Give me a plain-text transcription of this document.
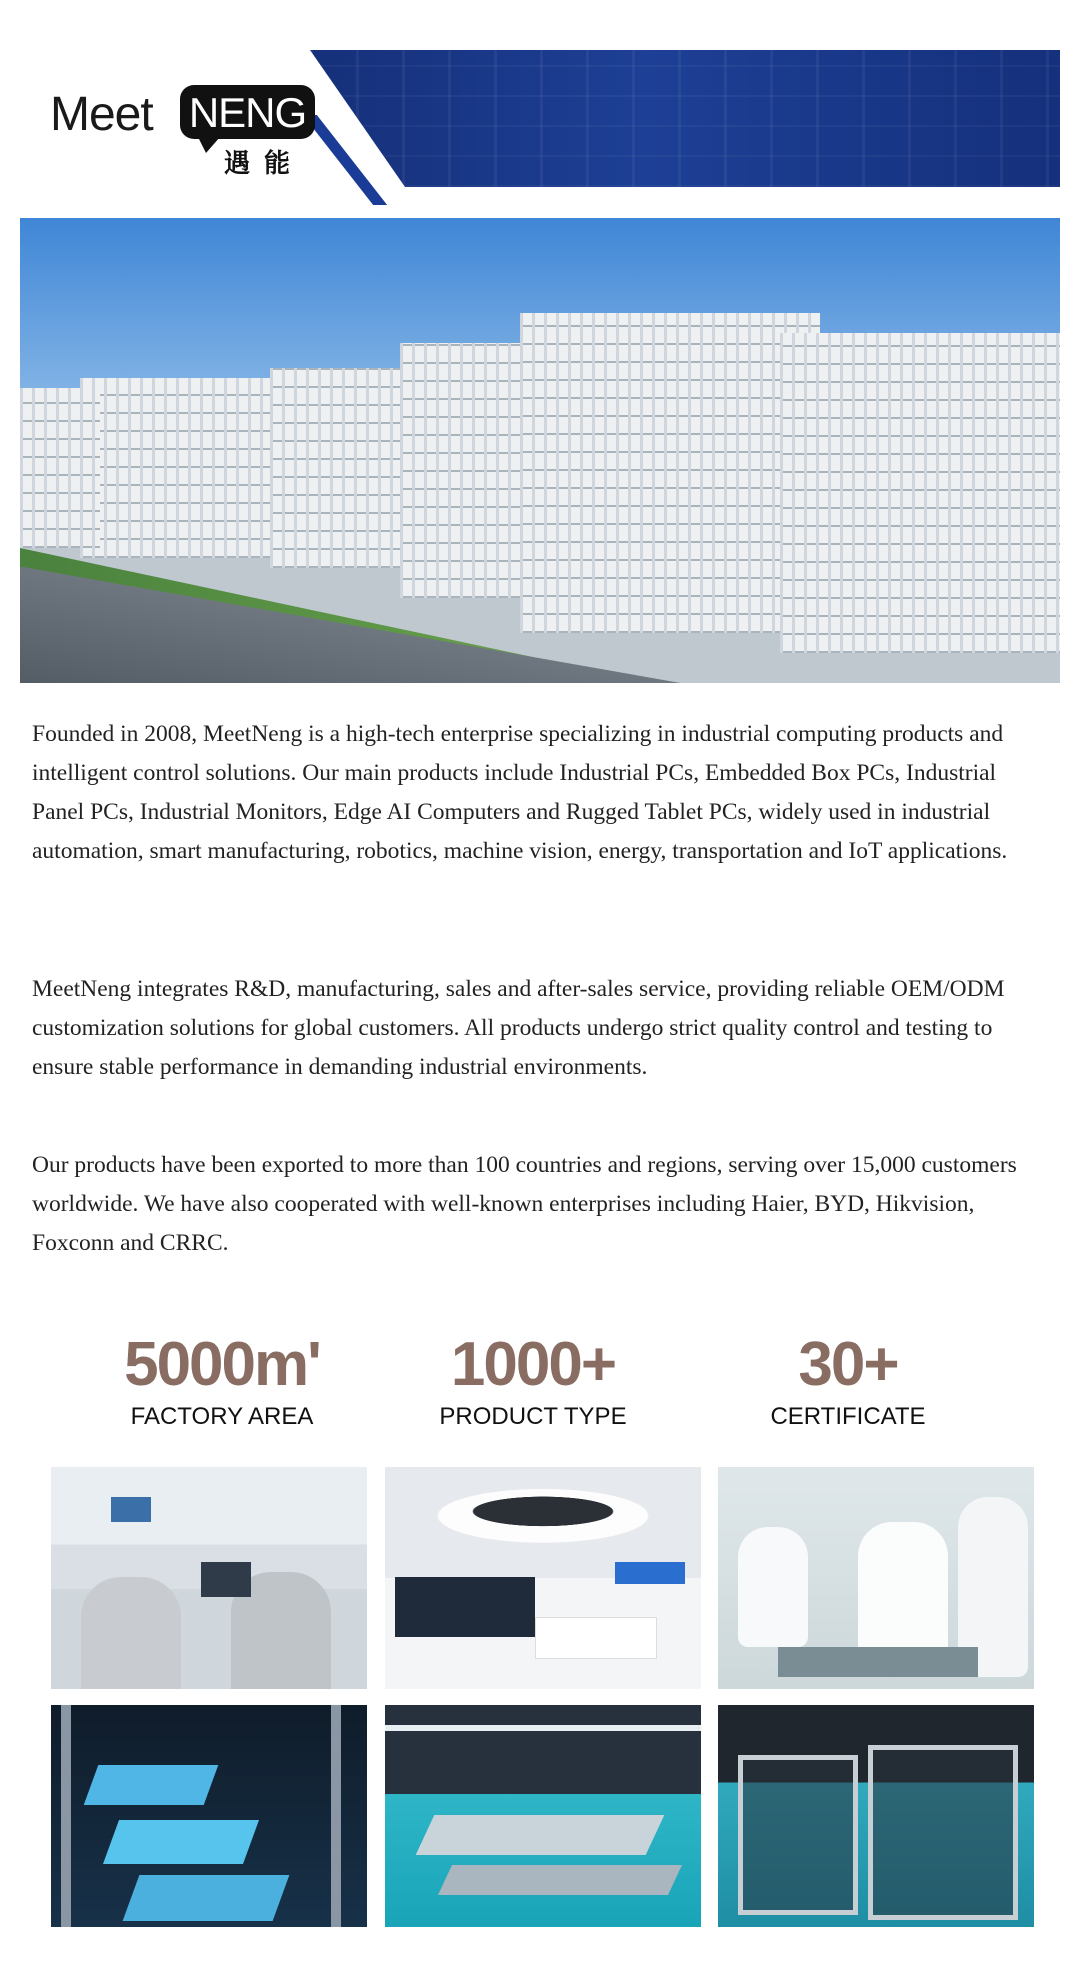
Meet NENG
遇能

Founded in 2008, MeetNeng is a high-tech enterprise specializing in industrial computing products and intelligent control solutions. Our main products include Industrial PCs, Embedded Box PCs, Industrial Panel PCs, Industrial Monitors, Edge AI Computers and Rugged Tablet PCs, widely used in industrial automation, smart manufacturing, robotics, machine vision, energy, transportation and IoT applications.

MeetNeng integrates R&D, manufacturing, sales and after-sales service, providing reliable OEM/ODM customization solutions for global customers. All products undergo strict quality control and testing to ensure stable performance in demanding industrial environments.

Our products have been exported to more than 100 countries and regions, serving over 15,000 customers worldwide. We have also cooperated with well-known enterprises including Haier, BYD, Hikvision, Foxconn and CRRC.

5000m'
FACTORY AREA
1000+
PRODUCT TYPE
30+
CERTIFICATE
